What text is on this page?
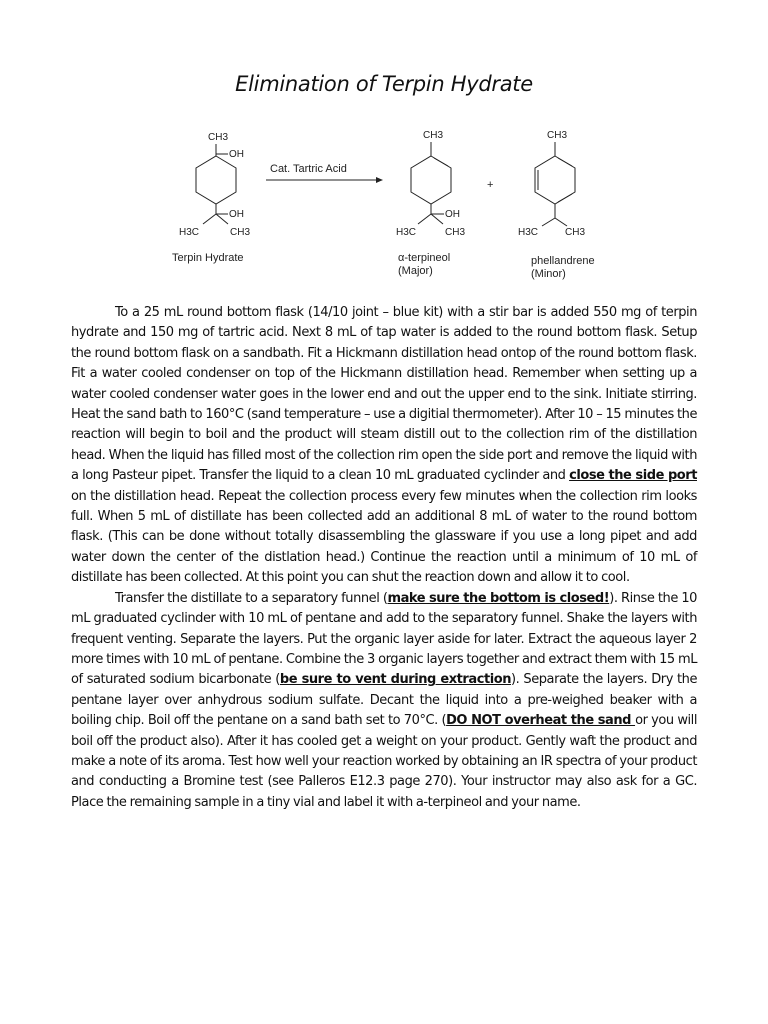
Elimination of Terpin Hydrate
CH3
OH
OH
H3C	CH3
Terpin Hydrate
Cat. Tartric Acid
CH3
OH
H3C	CH3
α-terpineol
(Major)
+
CH3
H3C	CH3
phellandrene
(Minor)

To a 25 mL round bottom flask (14/10 joint – blue kit) with a stir bar is added 550 mg of terpin hydrate and 150 mg of tartric acid. Next 8 mL of tap water is added to the round bottom flask. Setup the round bottom flask on a sandbath. Fit a Hickmann distillation head ontop of the round bottom flask. Fit a water cooled condenser on top of the Hickmann distillation head. Remember when setting up a water cooled condenser water goes in the lower end and out the upper end to the sink. Initiate stirring. Heat the sand bath to 160°C (sand temperature – use a digitial thermometer). After 10 – 15 minutes the reaction will begin to boil and the product will steam distill out to the collection rim of the distillation head. When the liquid has filled most of the collection rim open the side port and remove the liquid with a long Pasteur pipet. Transfer the liquid to a clean 10 mL graduated cyclinder and close the side port on the distillation head. Repeat the collection process every few minutes when the collection rim looks full. When 5 mL of distillate has been collected add an additional 8 mL of water to the round bottom flask. (This can be done without totally disassembling the glassware if you use a long pipet and add water down the center of the distlation head.) Continue the reaction until a minimum of 10 mL of distillate has been collected. At this point you can shut the reaction down and allow it to cool.

Transfer the distillate to a separatory funnel (make sure the bottom is closed!). Rinse the 10 mL graduated cyclinder with 10 mL of pentane and add to the separatory funnel. Shake the layers with frequent venting. Separate the layers. Put the organic layer aside for later. Extract the aqueous layer 2 more times with 10 mL of pentane. Combine the 3 organic layers together and extract them with 15 mL of saturated sodium bicarbonate (be sure to vent during extraction). Separate the layers. Dry the pentane layer over anhydrous sodium sulfate. Decant the liquid into a pre-weighed beaker with a boiling chip. Boil off the pentane on a sand bath set to 70°C. (DO NOT overheat the sand or you will boil off the product also). After it has cooled get a weight on your product. Gently waft the product and make a note of its aroma. Test how well your reaction worked by obtaining an IR spectra of your product and conducting a Bromine test (see Palleros E12.3 page 270). Your instructor may also ask for a GC. Place the remaining sample in a tiny vial and label it with a-terpineol and your name.
